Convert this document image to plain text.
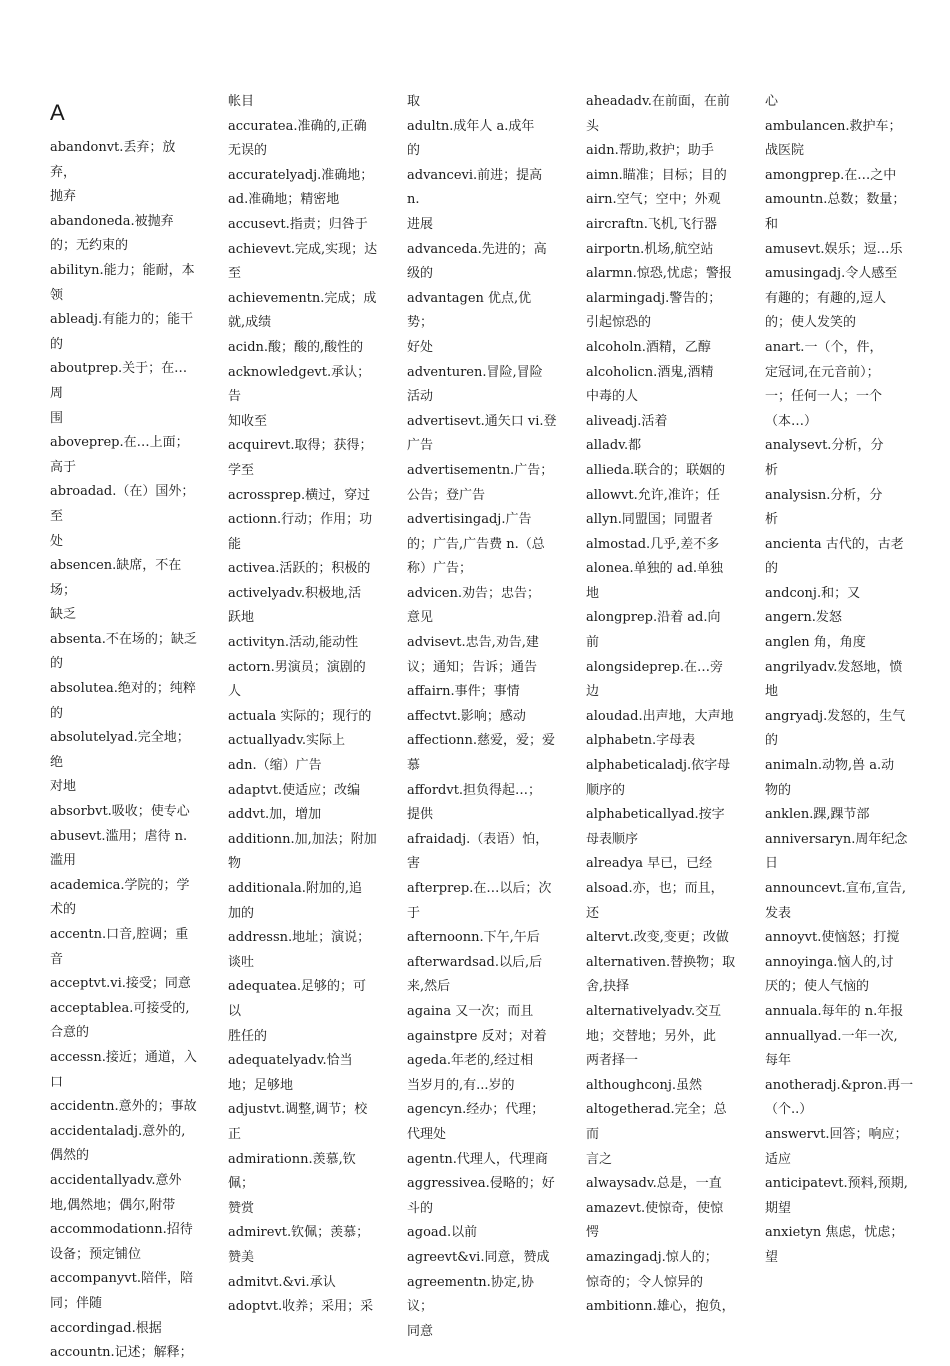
A

abandonvt.丢弃；放弃，
抛弃

abandoneda.被抛弃
的；无约束的

abilityn.能力；能耐，本
领

ableadj.有能力的；能干
的

aboutprep.关于；在…周
围

aboveprep.在…上面；
高于

abroadad.（在）国外；至
处

absencen.缺席，不在场；
缺乏

absenta.不在场的；缺乏
的

absolutea.绝对的；纯粹
的

absolutelyad.完全地；绝
对地

absorbvt.吸收；使专心

abusevt.滥用；虐待 n.
滥用

academica.学院的；学
术的

accentn.口音,腔调；重
音

acceptvt.vi.接受；同意

acceptablea.可接受的,
合意的

accessn.接近；通道，入
口

accidentn.意外的；事故

accidentaladj.意外的,
偶然的

accidentallyadv.意外
地,偶然地；偶尔,附带

accommodationn.招待
设备；预定铺位

accompanyvt.陪伴，陪
同；伴随

accordingad.根据

accountn.记述；解释；

帐目

accuratea.准确的,正确
无误的

accuratelyadj.准确地；
ad.准确地；精密地

accusevt.指责；归咎于

achievevt.完成,实现；达
至

achievementn.完成；成
就,成绩

acidn.酸；酸的,酸性的

acknowledgevt.承认；告
知收至

acquirevt.取得；获得；
学至

acrossprep.横过，穿过

actionn.行动；作用；功
能

activea.活跃的；积极的

activelyadv.积极地,活
跃地

activityn.活动,能动性

actorn.男演员；演剧的
人

actuala 实际的；现行的

actuallyadv.实际上

adn.（缩）广告

adaptvt.使适应；改编

addvt.加，增加

additionn.加,加法；附加
物

additionala.附加的,追
加的

addressn.地址；演说；
谈吐

adequatea.足够的；可以
胜任的

adequatelyadv.恰当
地；足够地

adjustvt.调整,调节；校
正

admirationn.羡慕,钦佩；
赞赏

admirevt.钦佩；羡慕；
赞美

admitvt.&vi.承认

adoptvt.收养；采用；采

取

adultn.成年人 a.成年
的

advancevi.前进；提高 n.
进展

advanceda.先进的；高
级的

advantagen 优点,优势；
好处

adventuren.冒险,冒险
活动

advertisevt.通矢口 vi.登
广告

advertisementn.广告；
公告；登广告

advertisingadj.广告
的；广告,广告费 n.（总
称）广告；

advicen.劝告；忠告；
意见

advisevt.忠告,劝告,建
议；通知；告诉；通告

affairn.事件；事情

affectvt.影响；感动

affectionn.慈爱，爱；爱
慕

affordvt.担负得起…；
提供

afraidadj.（表语）怕，害

afterprep.在…以后；次
于

afternoonn.下午,午后

afterwardsad.以后,后
来,然后

againa 又一次；而且

againstpre 反对；对着

ageda.年老的,经过相
当岁月的,有...岁的

agencyn.经办；代理；
代理处

agentn.代理人，代理商

aggressivea.侵略的；好
斗的

agoad.以前

agreevt&vi.同意，赞成

agreementn.协定,协议；
同意

aheadadv.在前面，在前
头

aidn.帮助,救护；助手

aimn.瞄准；目标；目的

airn.空气；空中；外观

aircraftn.飞机,飞行器

airportn.机场,航空站

alarmn.惊恐,忧虑；警报

alarmingadj.警告的；
引起惊恐的

alcoholn.酒精，乙醇

alcoholicn.酒鬼,酒精
中毒的人

aliveadj.活着

alladv.都

allieda.联合的；联姻的

allowvt.允许,准许；任

allyn.同盟国；同盟者

almostad.几乎,差不多

alonea.单独的 ad.单独
地

alongprep.沿着 ad.向
前

alongsideprep.在…旁
边

aloudad.出声地，大声地

alphabetn.字母表

alphabeticaladj.依字母
顺序的

alphabeticallyad.按字
母表顺序

alreadya 早已，已经

alsoad.亦，也；而且，还

altervt.改变,变更；改做

alternativen.替换物；取
舍,抉择

alternativelyadv.交互
地；交替地；另外，此
两者择一

althoughconj.虽然

altogetherad.完全；总而
言之

alwaysadv.总是，一直

amazevt.使惊奇，使惊愕

amazingadj.惊人的；
惊奇的；令人惊异的

ambitionn.雄心，抱负，

心

ambulancen.救护车；
战医院

amongprep.在…之中

amountn.总数；数量；
和

amusevt.娱乐；逗…乐

amusingadj.令人感至
有趣的；有趣的,逗人
的；使人发笑的

anart.一（个，件，
定冠词,在元音前）；
一；任何一人；一个
（本…）

analysevt.分析，分
析

analysisn.分析，分
析

ancienta 古代的，古老
的

andconj.和；又

angern.发怒

anglen 角，角度

angrilyadv.发怒地，愤
地

angryadj.发怒的，生气
的

animaln.动物,兽 a.动
物的

anklen.踝,踝节部

anniversaryn.周年纪念
日

announcevt.宣布,宣告,
发表

annoyvt.使恼怒；打搅

annoyinga.恼人的,讨
厌的；使人气恼的

annuala.每年的 n.年报

annuallyad.一年一次,
每年

anotheradj.&pron.再一
（个..）

answervt.回答；响应；
适应

anticipatevt.预料,预期,
期望

anxietyn 焦虑，忧虑；
望
